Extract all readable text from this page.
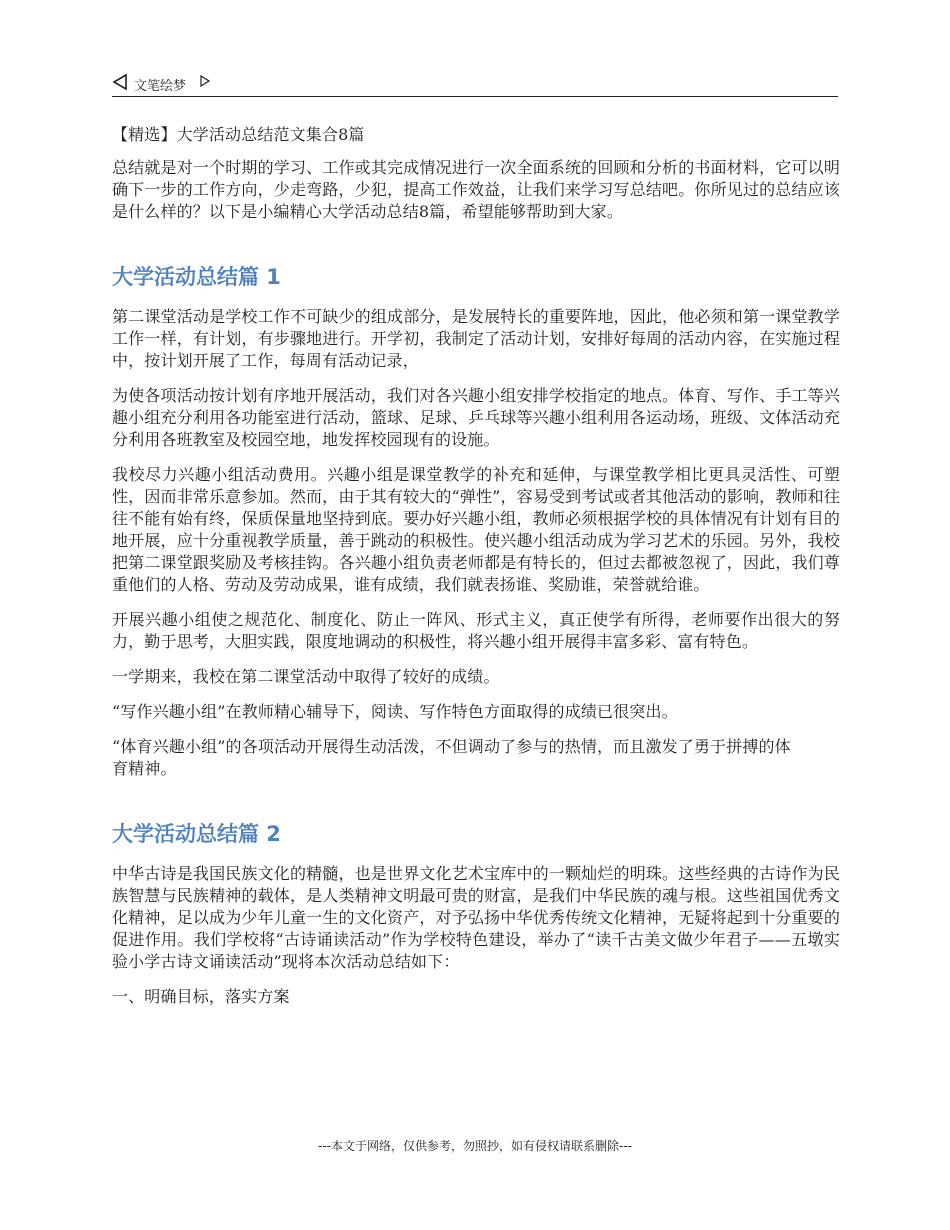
文笔绘梦

【精选】大学活动总结范文集合8篇

总结就是对一个时期的学习、工作或其完成情况进行一次全面系统的回顾和分析的书面材料，它可以明确下一步的工作方向，少走弯路，少犯，提高工作效益，让我们来学习写总结吧。你所见过的总结应该是什么样的？以下是小编精心大学活动总结8篇，希望能够帮助到大家。

大学活动总结篇 1

第二课堂活动是学校工作不可缺少的组成部分，是发展特长的重要阵地，因此，他必须和第一课堂教学工作一样，有计划，有步骤地进行。开学初，我制定了活动计划，安排好每周的活动内容，在实施过程中，按计划开展了工作，每周有活动记录，

为使各项活动按计划有序地开展活动，我们对各兴趣小组安排学校指定的地点。体育、写作、手工等兴趣小组充分利用各功能室进行活动，篮球、足球、乒乓球等兴趣小组利用各运动场，班级、文体活动充分利用各班教室及校园空地，地发挥校园现有的设施。

我校尽力兴趣小组活动费用。兴趣小组是课堂教学的补充和延伸，与课堂教学相比更具灵活性、可塑性，因而非常乐意参加。然而，由于其有较大的“弹性”，容易受到考试或者其他活动的影响，教师和往往不能有始有终，保质保量地坚持到底。要办好兴趣小组，教师必须根据学校的具体情况有计划有目的地开展，应十分重视教学质量，善于跳动的积极性。使兴趣小组活动成为学习艺术的乐园。另外，我校把第二课堂跟奖励及考核挂钩。各兴趣小组负责老师都是有特长的，但过去都被忽视了，因此，我们尊重他们的人格、劳动及劳动成果，谁有成绩，我们就表扬谁、奖励谁，荣誉就给谁。

开展兴趣小组使之规范化、制度化、防止一阵风、形式主义，真正使学有所得，老师要作出很大的努力，勤于思考，大胆实践，限度地调动的积极性，将兴趣小组开展得丰富多彩、富有特色。

一学期来，我校在第二课堂活动中取得了较好的成绩。

“写作兴趣小组”在教师精心辅导下，阅读、写作特色方面取得的成绩已很突出。

“体育兴趣小组”的各项活动开展得生动活泼，不但调动了参与的热情，而且激发了勇于拼搏的体育精神。

大学活动总结篇 2

中华古诗是我国民族文化的精髓，也是世界文化艺术宝库中的一颗灿烂的明珠。这些经典的古诗作为民族智慧与民族精神的载体，是人类精神文明最可贵的财富，是我们中华民族的魂与根。这些祖国优秀文化精神，足以成为少年儿童一生的文化资产，对予弘扬中华优秀传统文化精神，无疑将起到十分重要的促进作用。我们学校将“古诗诵读活动”作为学校特色建设，举办了“读千古美文做少年君子——五墩实验小学古诗文诵读活动”现将本次活动总结如下：

一、明确目标，落实方案

---本文于网络，仅供参考，勿照抄，如有侵权请联系删除---
